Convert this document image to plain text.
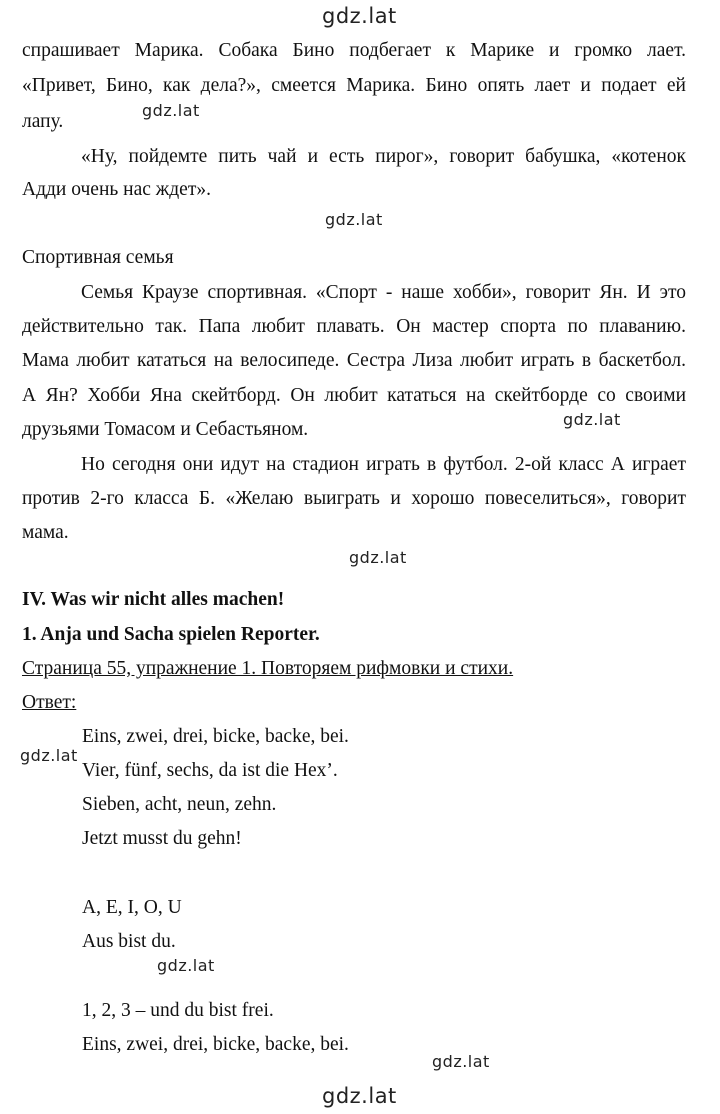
gdz.lat
gdz.lat
gdz.lat
gdz.lat
gdz.lat
gdz.lat
gdz.lat
gdz.lat
gdz.lat
спрашивает Марика. Собака Бино подбегает к Марике и громко лает.
«Привет, Бино, как дела?», смеется Марика. Бино опять лает и подает ей
лапу.
«Ну, пойдемте пить чай и есть пирог», говорит бабушка, «котенок
Адди очень нас ждет».
Спортивная семья
Семья Краузе спортивная. «Спорт - наше хобби», говорит Ян. И это
действительно так. Папа любит плавать. Он мастер спорта по плаванию.
Мама любит кататься на велосипеде. Сестра Лиза любит играть в баскетбол.
А Ян? Хобби Яна скейтборд. Он любит кататься на скейтборде со своими
друзьями Томасом и Себастьяном.
Но сегодня они идут на стадион играть в футбол. 2-ой класс А играет
против 2-го класса Б. «Желаю выиграть и хорошо повеселиться», говорит
мама.
IV. Was wir nicht alles machen!
1. Anja und Sacha spielen Reporter.
Страница 55, упражнение 1. Повторяем рифмовки и стихи.
Ответ:
Eins, zwei, drei, bicke, backe, bei.
Vier, fünf, sechs, da ist die Hex’.
Sieben, acht, neun, zehn.
Jetzt musst du gehn!
A, E, I, O, U
Aus bist du.
1, 2, 3 – und du bist frei.
Eins, zwei, drei, bicke, backe, bei.
